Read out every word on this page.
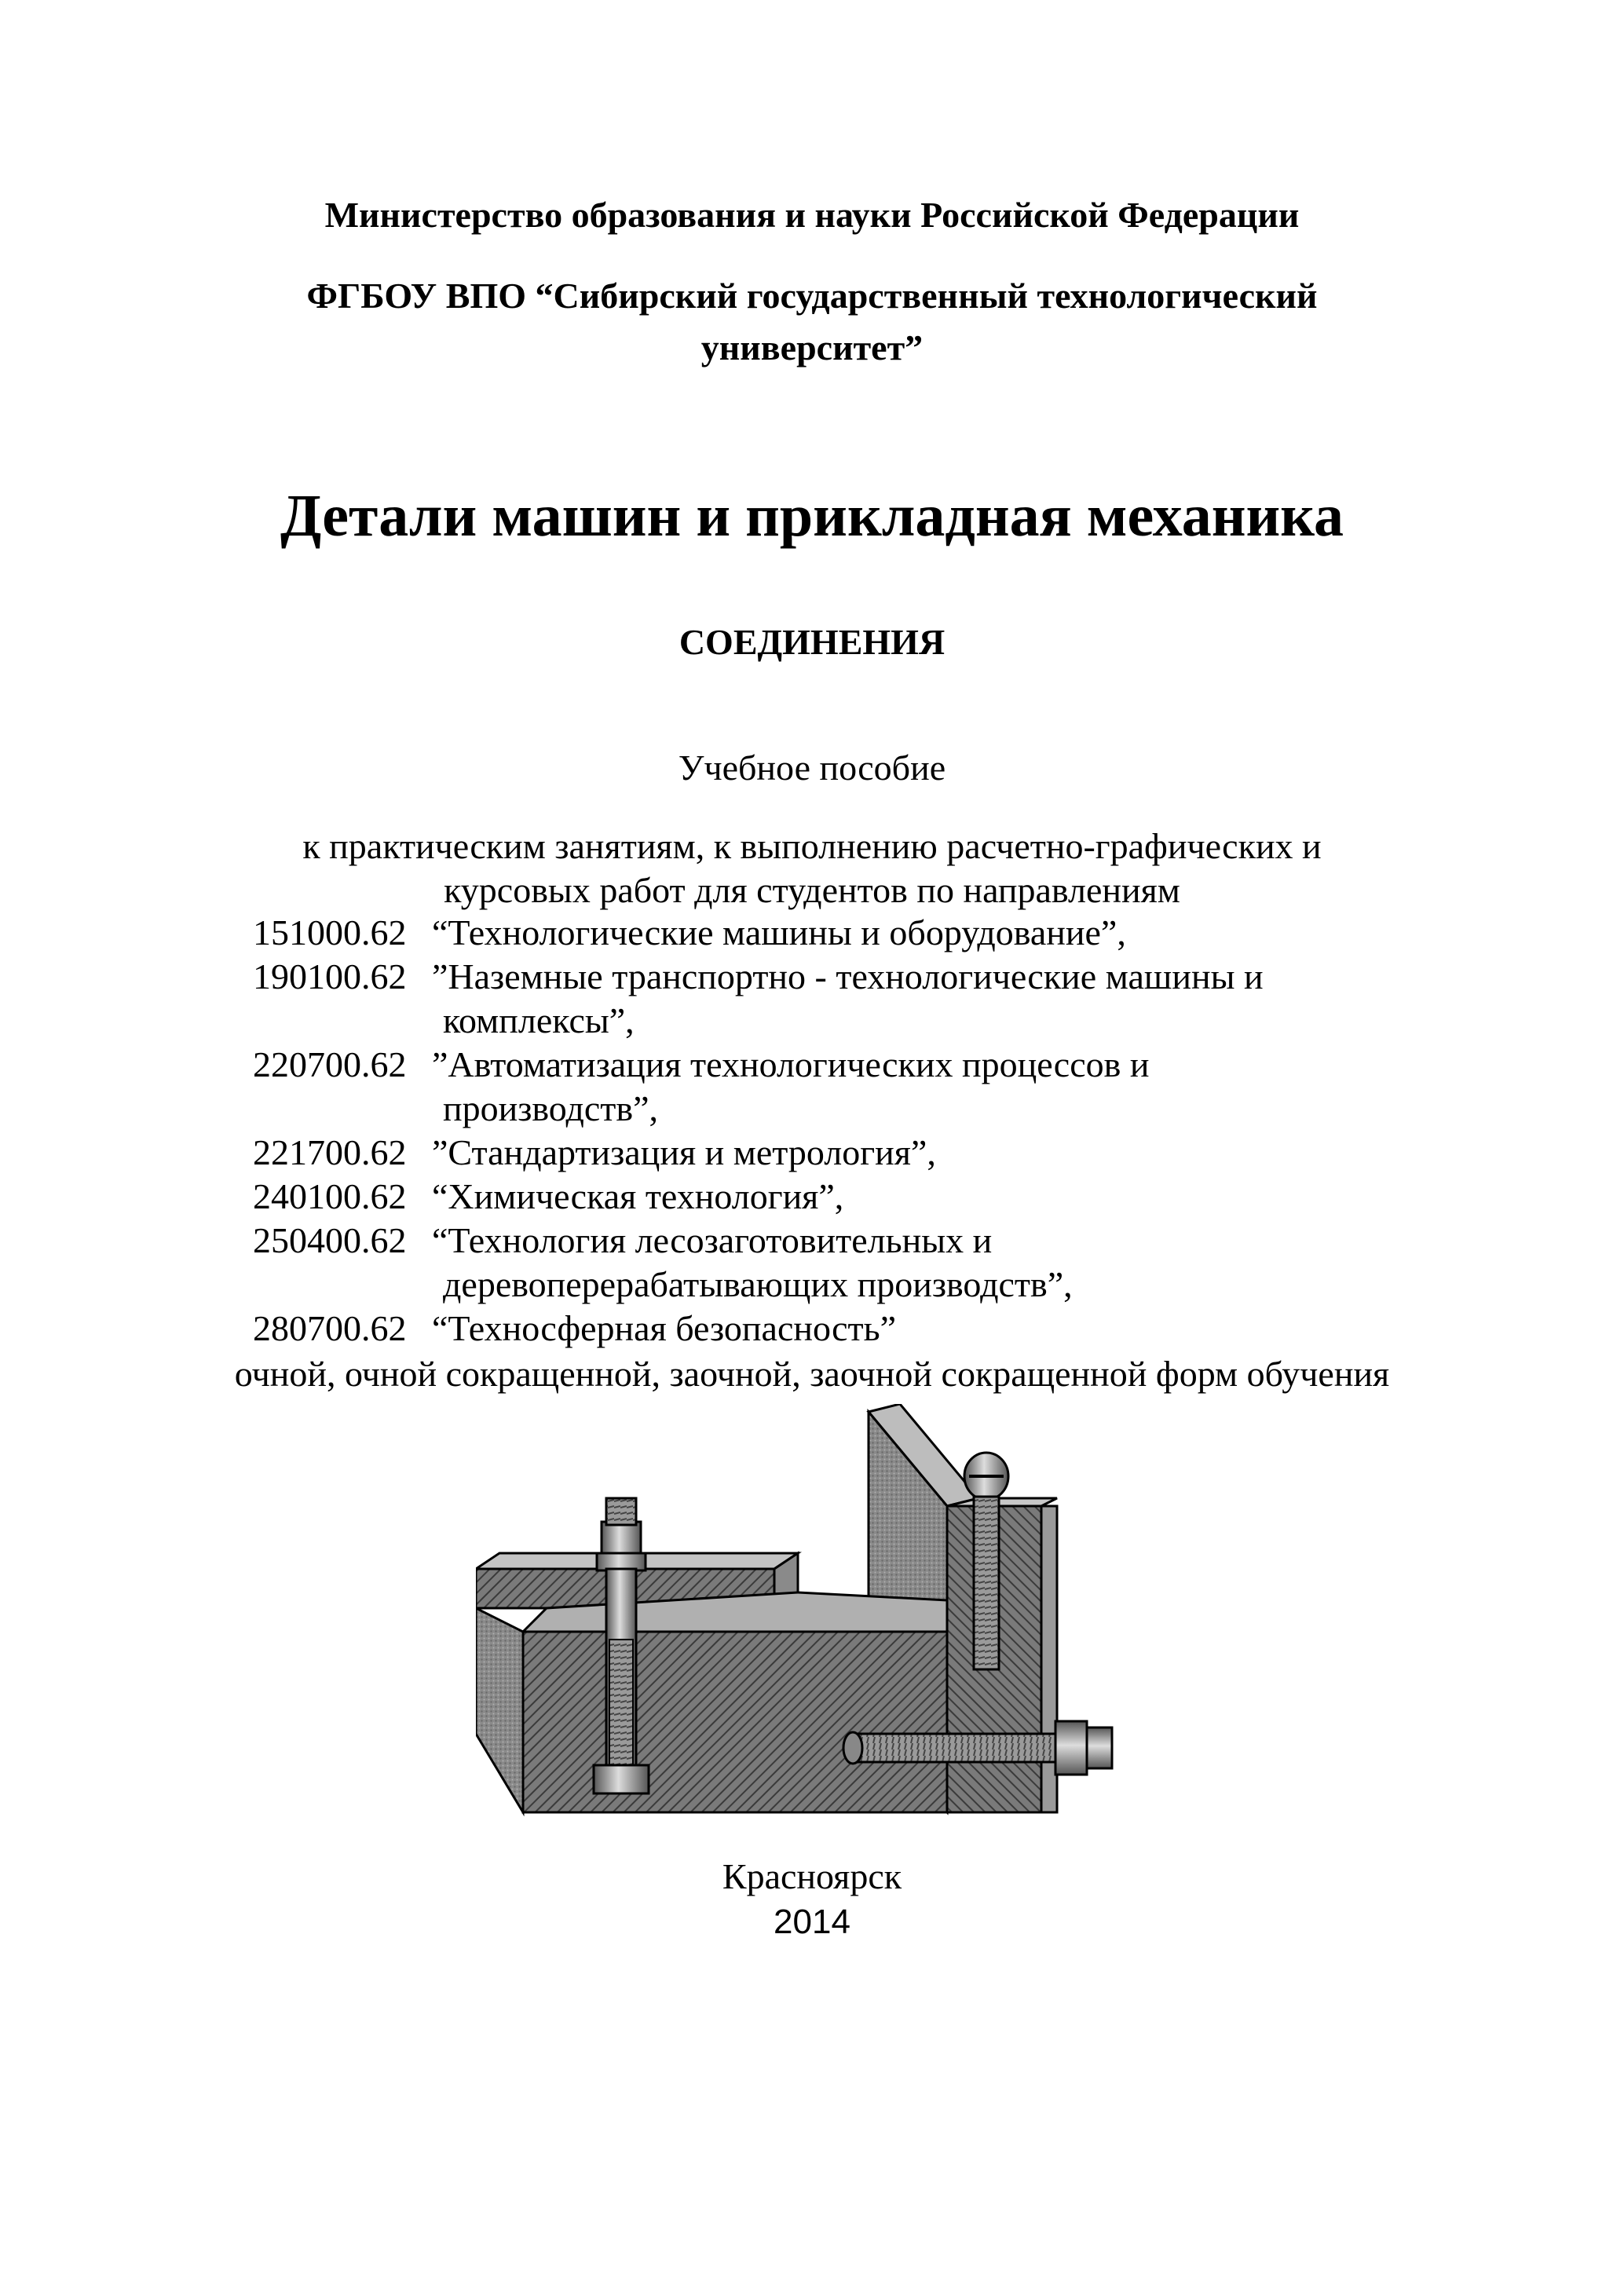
Министерство образования и науки Российской Федерации
ФГБОУ ВПО “Сибирский государственный технологический
университет”
Детали машин и прикладная механика
СОЕДИНЕНИЯ
Учебное пособие
к практическим занятиям, к выполнению расчетно-графических и
курсовых работ для студентов по направлениям
151000.62 “Технологические машины и оборудование”,
190100.62 ”Наземные транспортно - технологические машины и
комплексы”,
220700.62 ”Автоматизация технологических процессов и
производств”,
221700.62 ”Стандартизация и метрология”,
240100.62 “Химическая технология”,
250400.62 “Технология лесозаготовительных и
деревоперерабатывающих производств”,
280700.62 “Техносферная безопасность”
очной, очной сокращенной, заочной, заочной сокращенной форм обучения
Красноярск
2014
